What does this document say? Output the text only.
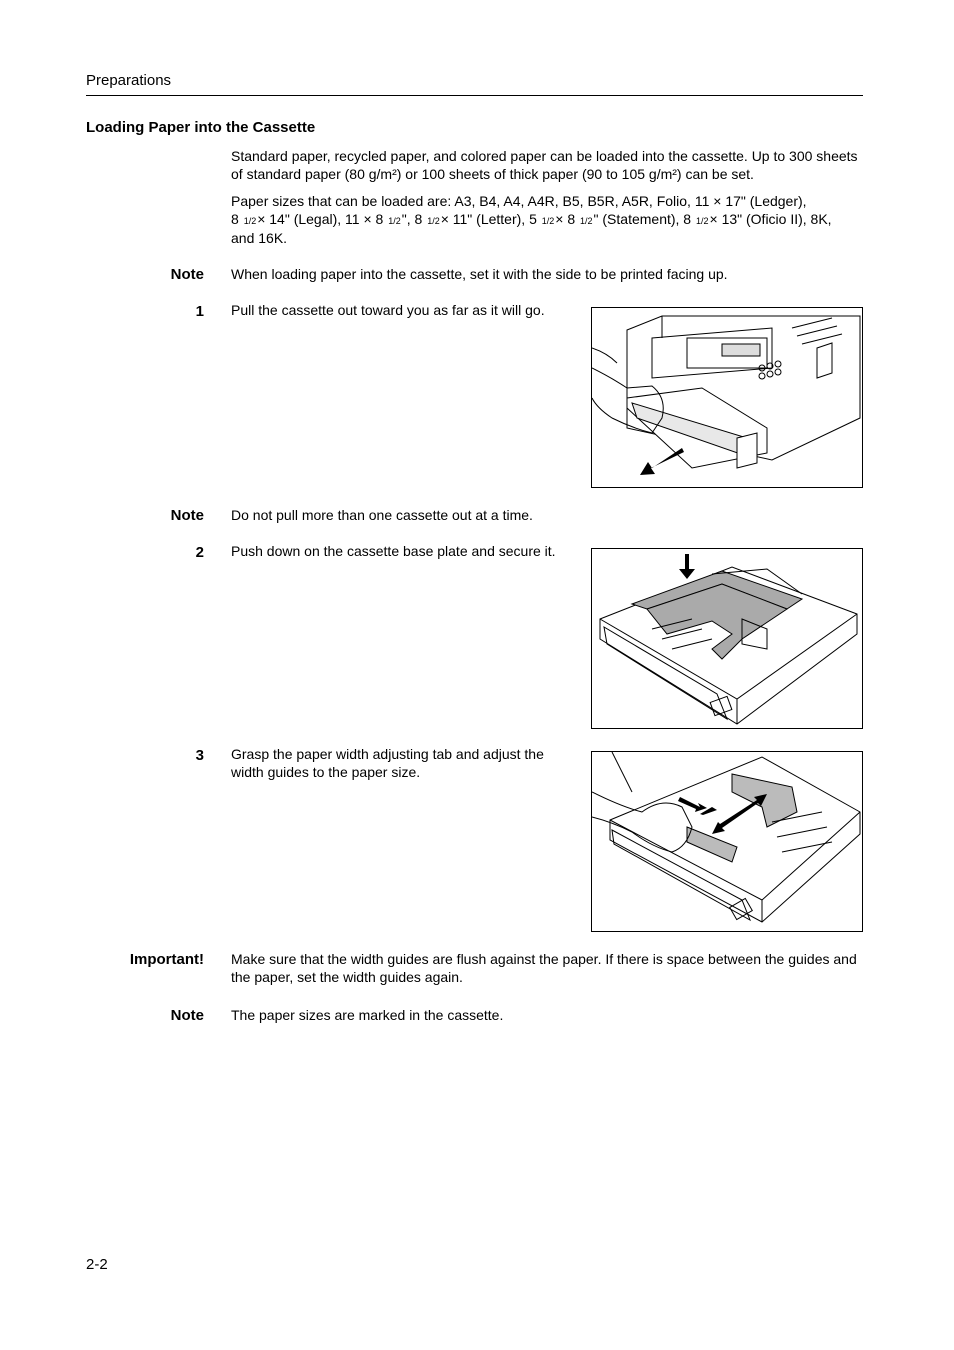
Preparations
Loading Paper into the Cassette
Standard paper, recycled paper, and colored paper can be loaded into the cassette. Up to 300 sheets of standard paper (80 g/m²) or 100 sheets of thick paper (90 to 105 g/m²) can be set.
Paper sizes that can be loaded are: A3, B4, A4, A4R, B5, B5R, A5R, Folio, 11 × 17" (Ledger),
8 1/2× 14" (Legal), 11 × 8 1/2", 8 1/2× 11" (Letter), 5 1/2× 8 1/2" (Statement), 8 1/2× 13" (Oficio II), 8K,
and 16K.
Note When loading paper into the cassette, set it with the side to be printed facing up.
1 Pull the cassette out toward you as far as it will go.
Note Do not pull more than one cassette out at a time.
2 Push down on the cassette base plate and secure it.
3 Grasp the paper width adjusting tab and adjust the width guides to the paper size.
Important! Make sure that the width guides are flush against the paper. If there is space between the guides and the paper, set the width guides again.
Note The paper sizes are marked in the cassette.
2-2
